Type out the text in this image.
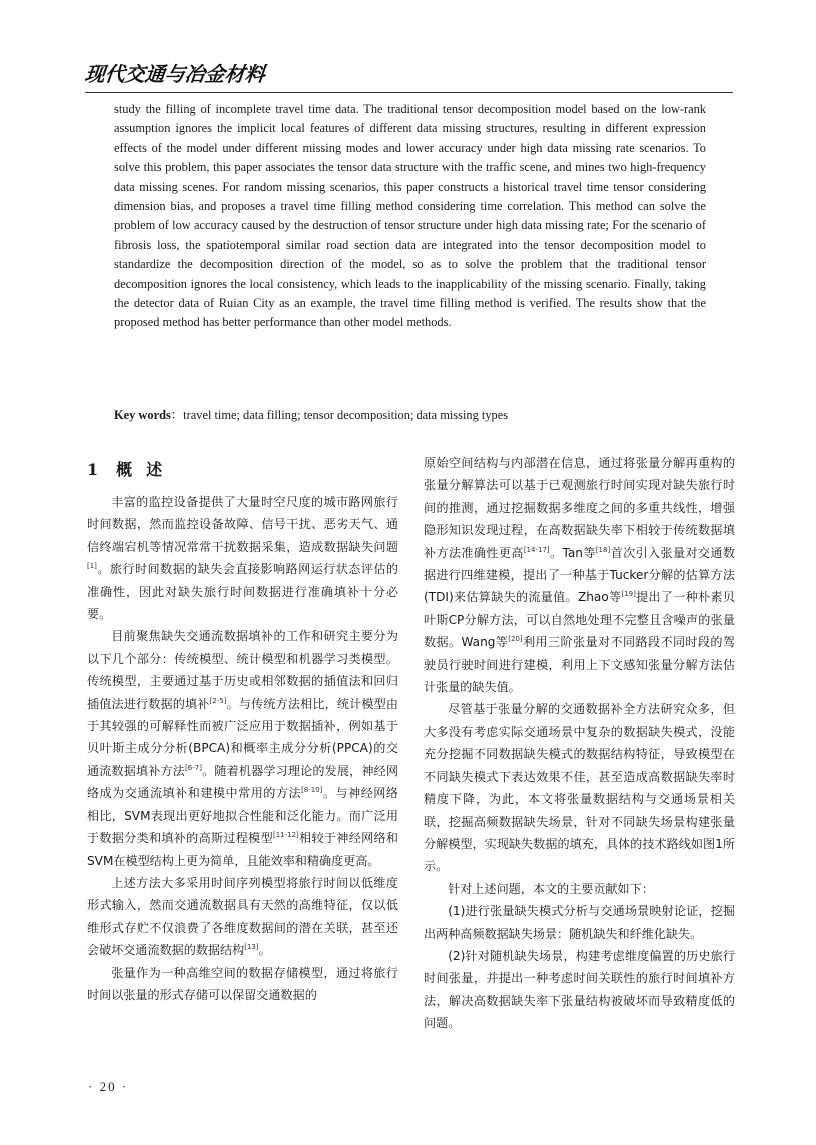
现代交通与冶金材料

study the filling of incomplete travel time data. The traditional tensor decomposition model based on the low-rank assumption ignores the implicit local features of different data missing structures, resulting in different expression effects of the model under different missing modes and lower accuracy under high data missing rate scenarios. To solve this problem, this paper associates the tensor data structure with the traffic scene, and mines two high-frequency data missing scenes. For random missing scenarios, this paper constructs a historical travel time tensor considering dimension bias, and proposes a travel time filling method considering time correlation. This method can solve the problem of low accuracy caused by the destruction of tensor structure under high data missing rate; For the scenario of fibrosis loss, the spatiotemporal similar road section data are integrated into the tensor decomposition model to standardize the decomposition direction of the model, so as to solve the problem that the traditional tensor decomposition ignores the local consistency, which leads to the inapplicability of the missing scenario. Finally, taking the detector data of Ruian City as an example, the travel time filling method is verified. The results show that the proposed method has better performance than other model methods.

Key words：travel time; data filling; tensor decomposition; data missing types

1 概述

丰富的监控设备提供了大量时空尺度的城市路网旅行时间数据，然而监控设备故障、信号干扰、恶劣天气、通信终端宕机等情况常常干扰数据采集，造成数据缺失问题[1]。旅行时间数据的缺失会直接影响路网运行状态评估的准确性，因此对缺失旅行时间数据进行准确填补十分必要。

目前聚焦缺失交通流数据填补的工作和研究主要分为以下几个部分：传统模型、统计模型和机器学习类模型。传统模型，主要通过基于历史或相邻数据的插值法和回归插值法进行数据的填补[2-5]。与传统方法相比，统计模型由于其较强的可解释性而被广泛应用于数据插补，例如基于贝叶斯主成分分析(BPCA)和概率主成分分析(PPCA)的交通流数据填补方法[6-7]。随着机器学习理论的发展，神经网络成为交通流填补和建模中常用的方法[8-10]。与神经网络相比，SVM表现出更好地拟合性能和泛化能力。而广泛用于数据分类和填补的高斯过程模型[11-12]相较于神经网络和SVM在模型结构上更为简单，且能效率和精确度更高。

上述方法大多采用时间序列模型将旅行时间以低维度形式输入，然而交通流数据具有天然的高维特征，仅以低维形式存贮不仅浪费了各维度数据间的潜在关联，甚至还会破坏交通流数据的数据结构[13]。

张量作为一种高维空间的数据存储模型，通过将旅行时间以张量的形式存储可以保留交通数据的

原始空间结构与内部潜在信息，通过将张量分解再重构的张量分解算法可以基于已观测旅行时间实现对缺失旅行时间的推测，通过挖掘数据多维度之间的多重共线性，增强隐形知识发现过程，在高数据缺失率下相较于传统数据填补方法准确性更高[14-17]。Tan等[18]首次引入张量对交通数据进行四维建模，提出了一种基于Tucker分解的估算方法(TDI)来估算缺失的流量值。Zhao等[19]提出了一种朴素贝叶斯CP分解方法，可以自然地处理不完整且含噪声的张量数据。Wang等[20]利用三阶张量对不同路段不同时段的驾驶员行驶时间进行建模，利用上下文感知张量分解方法估计张量的缺失值。

尽管基于张量分解的交通数据补全方法研究众多，但大多没有考虑实际交通场景中复杂的数据缺失模式，没能充分挖掘不同数据缺失模式的数据结构特征，导致模型在不同缺失模式下表达效果不佳，甚至造成高数据缺失率时精度下降，为此，本文将张量数据结构与交通场景相关联，挖掘高频数据缺失场景，针对不同缺失场景构建张量分解模型，实现缺失数据的填充，具体的技术路线如图1所示。

针对上述问题，本文的主要贡献如下：

(1)进行张量缺失模式分析与交通场景映射论证，挖掘出两种高频数据缺失场景：随机缺失和纤维化缺失。

(2)针对随机缺失场景，构建考虑维度偏置的历史旅行时间张量，并提出一种考虑时间关联性的旅行时间填补方法，解决高数据缺失率下张量结构被破坏而导致精度低的问题。

· 20 ·
